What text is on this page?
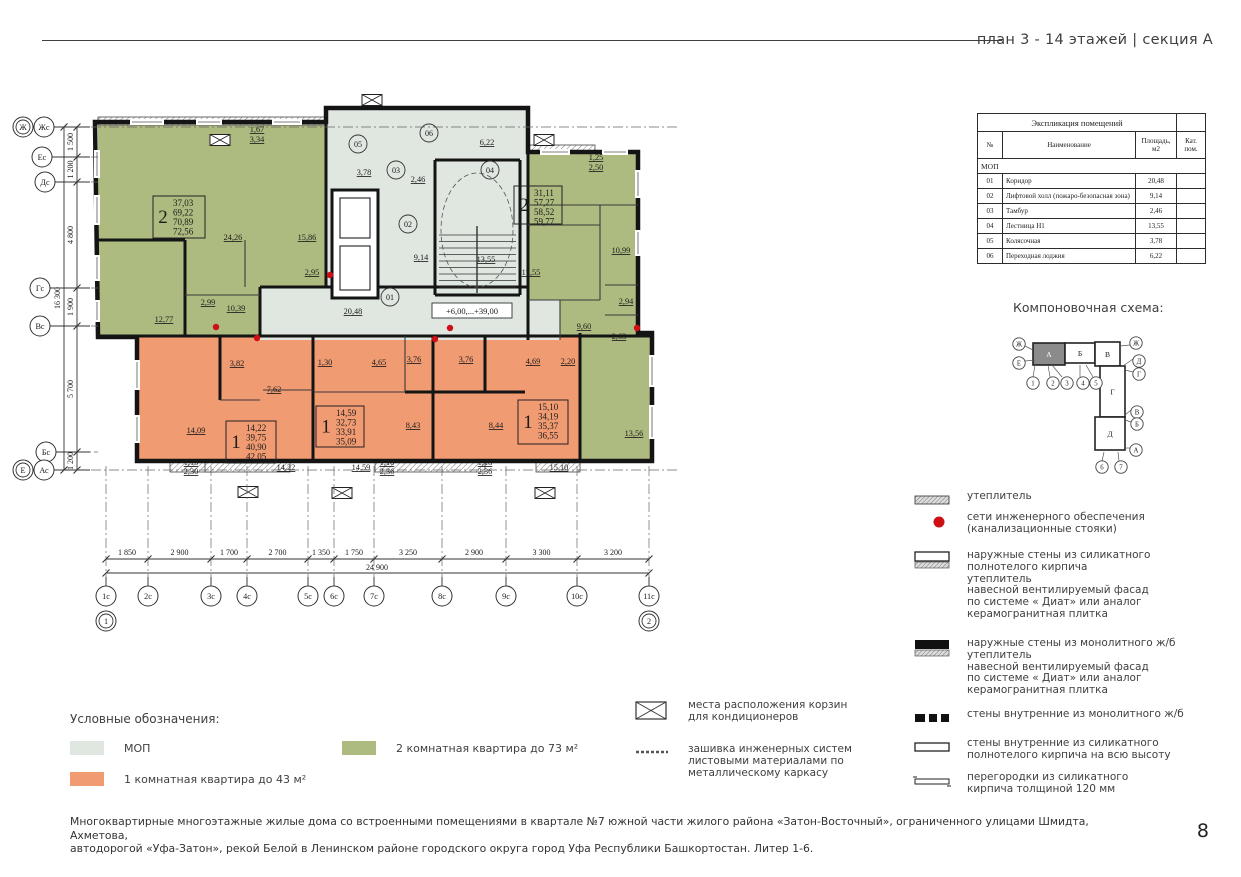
план 3 - 14 этажей | секция А
+6,00,...+39,00
1 850	2 900	1 700	2 700	1 350 1 750	3 250	2 900	3 300	3 200
24 900
1 500
1 200
4 800
1 900
5 700
1 200
16 300
1с	2с	3с	4с	5с 6с	7с	8с	9с	10с	11с
1	2
Ж Жс
Ес
Дс
Гс
Вс
Бс
Е Ас
01
02
03	04
05
06
2
37,03
69,22
70,89
72,56
2
31,11
57,27
58,52
59,77
1
14,22
39,75
40,90
42,05
1
14,59
32,73
33,91
35,09
1
15,10
34,19
35,37
36,55
1,67
3,34
24,26	15,86
3,78
2,46
6,22
9,14	13,55
2,95
2,99
10,39
12,77
20,48
17,55
10,99
1,25
2,50
2,94
9,60
2,63
13,56
3,82
7,62
14,09
14,22
1,15
2,30
1,30	4,65
14,59
3,76	3,76
8,43	8,44
1,18
2,36
1,18
2,36
4,69 2,20
15,10
Экспликация помещений			
№	Наименование	Площадь, м2	Кат. пом.
МОП			
01	Коридор	20,48	
02	Лифтовой холл (пожаро-безопасная зона)	9,14	
03	Тамбур	2,46	
04	Лестница Н1	13,55	
05	Колясочная	3,78	
06	Переходная лоджия	6,22	
Компоновочная схема:
А	Б	В
Г
Д
Ж
Е
1 2 3 4 5
Ж
Д
Г
В
Б
А
6 7
утеплитель
сети инженерного обеспечения
(канализационные стояки)
наружные стены из силикатного
полнотелого кирпича
утеплитель
навесной вентилируемый фасад
по системе « Диат» или аналог
керамогранитная плитка
наружные стены из монолитного ж/б
утеплитель
навесной вентилируемый фасад
по системе « Диат» или аналог
керамогранитная плитка
стены внутренние из монолитного ж/б
стены внутренние из силикатного
полнотелого кирпича на всю высоту
перегородки из силикатного
кирпича толщиной 120 мм
места расположения корзин
для кондиционеров
зашивка инженерных систем
листовыми материалами по
металлическому каркасу
Условные обозначения:
МОП
1 комнатная квартира до 43 м²
2 комнатная квартира до 73 м²
Многоквартирные многоэтажные жилые дома со встроенными помещениями в квартале №7 южной части жилого района «Затон-Восточный», ограниченного улицами Шмидта, Ахметова,
автодорогой «Уфа-Затон», рекой Белой в Ленинском районе городского округа город Уфа Республики Башкортостан. Литер 1-6.
8
